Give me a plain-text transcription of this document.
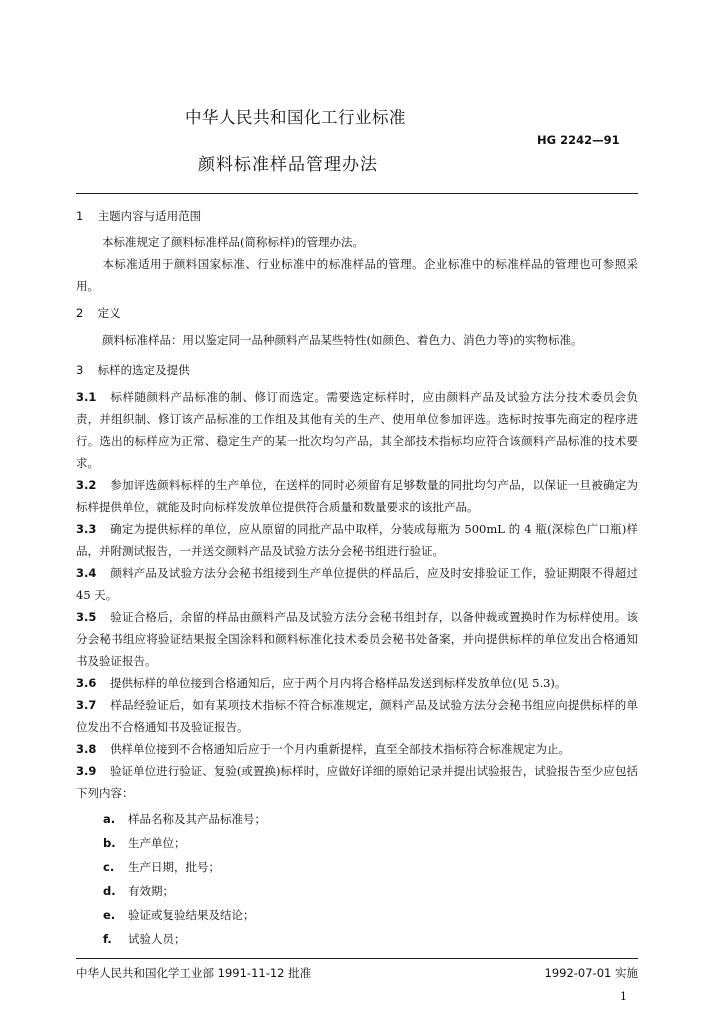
中华人民共和国化工行业标准
HG 2242—91
颜料标准样品管理办法
1 主题内容与适用范围
本标准规定了颜料标准样品(简称标样)的管理办法。
本标准适用于颜料国家标准、行业标准中的标准样品的管理。企业标准中的标准样品的管理也可参照采用。
2 定义
颜料标准样品：用以鉴定同一品种颜料产品某些特性(如颜色、着色力、消色力等)的实物标准。
3 标样的选定及提供
3.1 标样随颜料产品标准的制、修订而选定。需要选定标样时，应由颜料产品及试验方法分技术委员会负责，并组织制、修订该产品标准的工作组及其他有关的生产、使用单位参加评选。选标时按事先商定的程序进行。选出的标样应为正常、稳定生产的某一批次均匀产品，其全部技术指标均应符合该颜料产品标准的技术要求。
3.2 参加评选颜料标样的生产单位，在送样的同时必须留有足够数量的同批均匀产品，以保证一旦被确定为标样提供单位，就能及时向标样发放单位提供符合质量和数量要求的该批产品。
3.3 确定为提供标样的单位，应从原留的同批产品中取样，分装成每瓶为 500mL 的 4 瓶(深棕色广口瓶)样品，并附测试报告，一并送交颜料产品及试验方法分会秘书组进行验证。
3.4 颜料产品及试验方法分会秘书组接到生产单位提供的样品后，应及时安排验证工作，验证期限不得超过 45 天。
3.5 验证合格后，余留的样品由颜料产品及试验方法分会秘书组封存，以备仲裁或置换时作为标样使用。该分会秘书组应将验证结果报全国涂料和颜料标准化技术委员会秘书处备案，并向提供标样的单位发出合格通知书及验证报告。
3.6 提供标样的单位接到合格通知后，应于两个月内将合格样品发送到标样发放单位(见 5.3)。
3.7 样品经验证后，如有某项技术指标不符合标准规定，颜料产品及试验方法分会秘书组应向提供标样的单位发出不合格通知书及验证报告。
3.8 供样单位接到不合格通知后应于一个月内重新提样，直至全部技术指标符合标准规定为止。
3.9 验证单位进行验证、复验(或置换)标样时，应做好详细的原始记录并提出试验报告，试验报告至少应包括下列内容：
a. 样品名称及其产品标准号；
b. 生产单位；
c. 生产日期，批号；
d. 有效期；
e. 验证或复验结果及结论；
f. 试验人员；
中华人民共和国化学工业部 1991-11-12 批准	1992-07-01 实施
1
